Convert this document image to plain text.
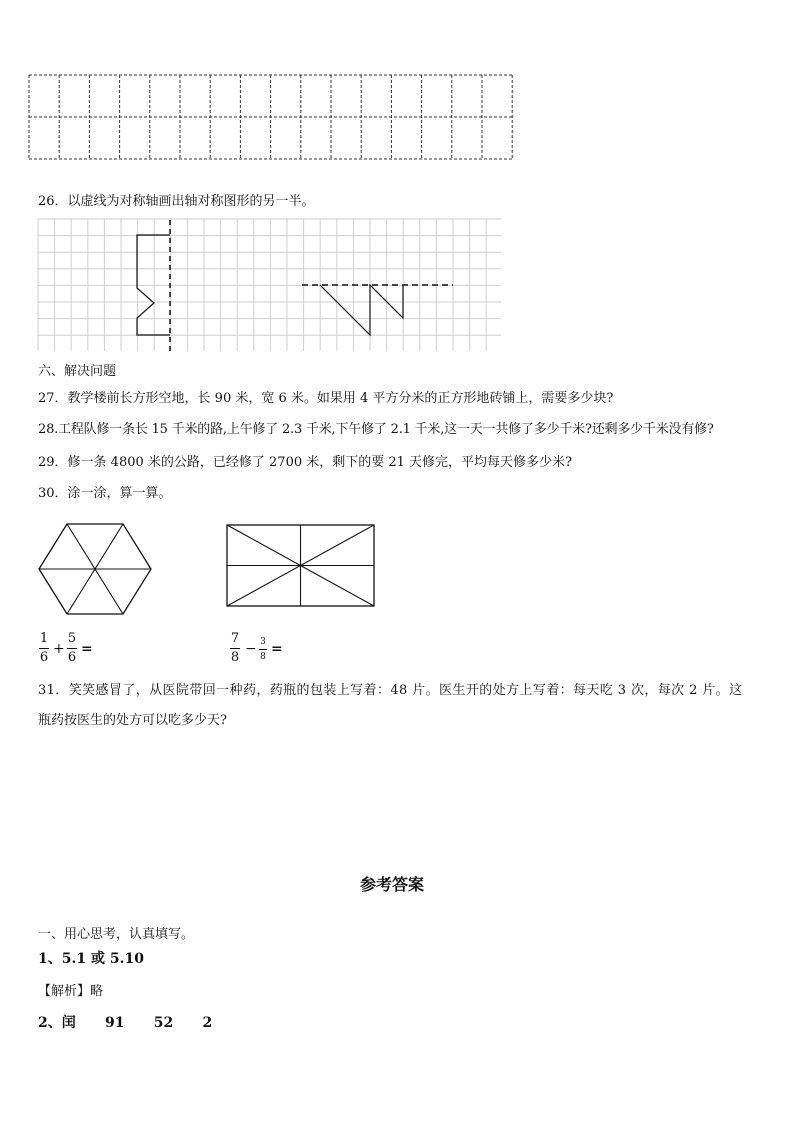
26．以虚线为对称轴画出轴对称图形的另一半。
六、解决问题
27．教学楼前长方形空地，长 90 米，宽 6 米。如果用 4 平方分米的正方形地砖铺上，需要多少块?
28.工程队修一条长 15 千米的路,上午修了 2.3 千米,下午修了 2.1 千米,这一天一共修了多少千米?还剩多少千米没有修?
29．修一条 4800 米的公路，已经修了 2700 米，剩下的要 21 天修完，平均每天修多少米?
30．涂一涂，算一算。
1
6
+
5
6
=
7
8
− 3
8 =
31．笑笑感冒了，从医院带回一种药，药瓶的包装上写着：48 片。医生开的处方上写着：每天吃 3 次，每次 2 片。这
瓶药按医生的处方可以吃多少天?
参考答案
一、用心思考，认真填写。
1、5.1 或 5.10
【解析】略
2、闰      91      52      2
